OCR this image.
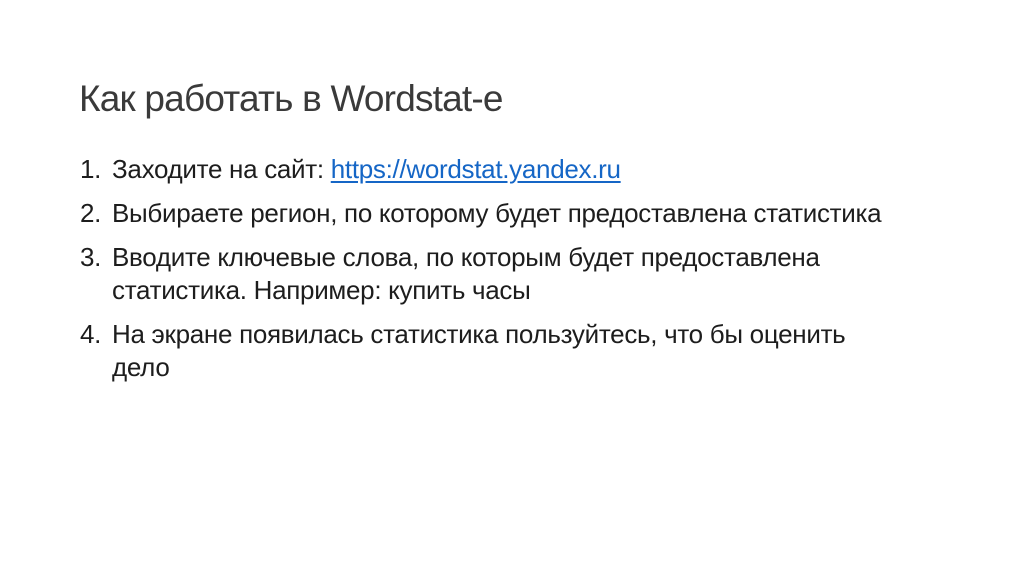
Как работать в Wordstat-е
1. Заходите на сайт: https://wordstat.yandex.ru
2. Выбираете регион, по которому будет предоставлена статистика
3. Вводите ключевые слова, по которым будет предоставлена
статистика. Например: купить часы
4. На экране появилась статистика пользуйтесь, что бы оценить
дело
